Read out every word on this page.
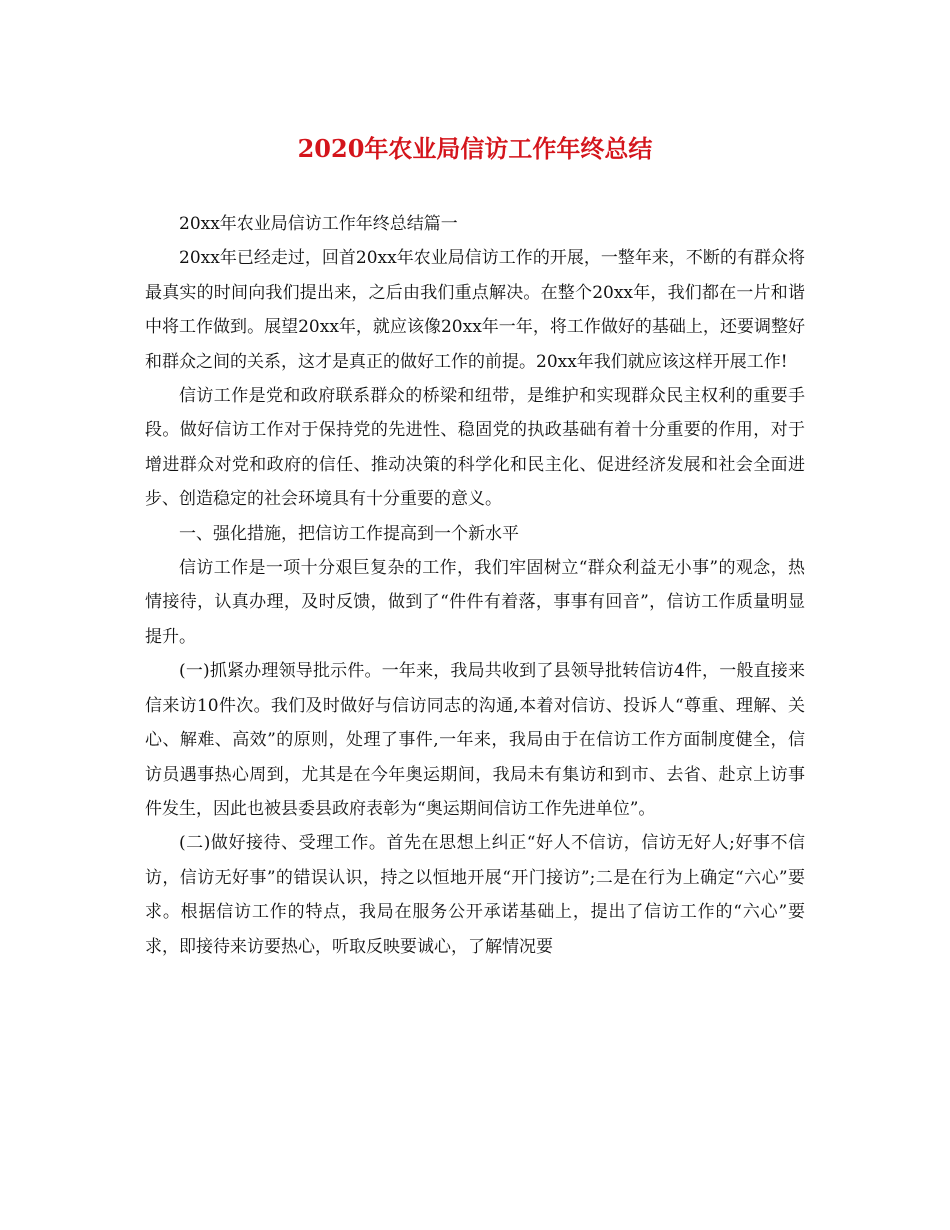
2020年农业局信访工作年终总结

20xx年农业局信访工作年终总结篇一

20xx年已经走过，回首20xx年农业局信访工作的开展，一整年来，不断的有群众将最真实的时间向我们提出来，之后由我们重点解决。在整个20xx年，我们都在一片和谐中将工作做到。展望20xx年，就应该像20xx年一年，将工作做好的基础上，还要调整好和群众之间的关系，这才是真正的做好工作的前提。20xx年我们就应该这样开展工作!

信访工作是党和政府联系群众的桥梁和纽带，是维护和实现群众民主权利的重要手段。做好信访工作对于保持党的先进性、稳固党的执政基础有着十分重要的作用，对于增进群众对党和政府的信任、推动决策的科学化和民主化、促进经济发展和社会全面进步、创造稳定的社会环境具有十分重要的意义。

一、强化措施，把信访工作提高到一个新水平

信访工作是一项十分艰巨复杂的工作，我们牢固树立“群众利益无小事”的观念，热情接待，认真办理，及时反馈，做到了“件件有着落，事事有回音”，信访工作质量明显提升。

(一)抓紧办理领导批示件。一年来，我局共收到了县领导批转信访4件，一般直接来信来访10件次。我们及时做好与信访同志的沟通,本着对信访、投诉人“尊重、理解、关心、解难、高效”的原则，处理了事件,一年来，我局由于在信访工作方面制度健全，信访员遇事热心周到，尤其是在今年奥运期间，我局未有集访和到市、去省、赴京上访事件发生，因此也被县委县政府表彰为“奥运期间信访工作先进单位”。

(二)做好接待、受理工作。首先在思想上纠正“好人不信访，信访无好人;好事不信访，信访无好事”的错误认识，持之以恒地开展“开门接访”;二是在行为上确定“六心”要求。根据信访工作的特点，我局在服务公开承诺基础上，提出了信访工作的“六心”要求，即接待来访要热心，听取反映要诚心，了解情况要
